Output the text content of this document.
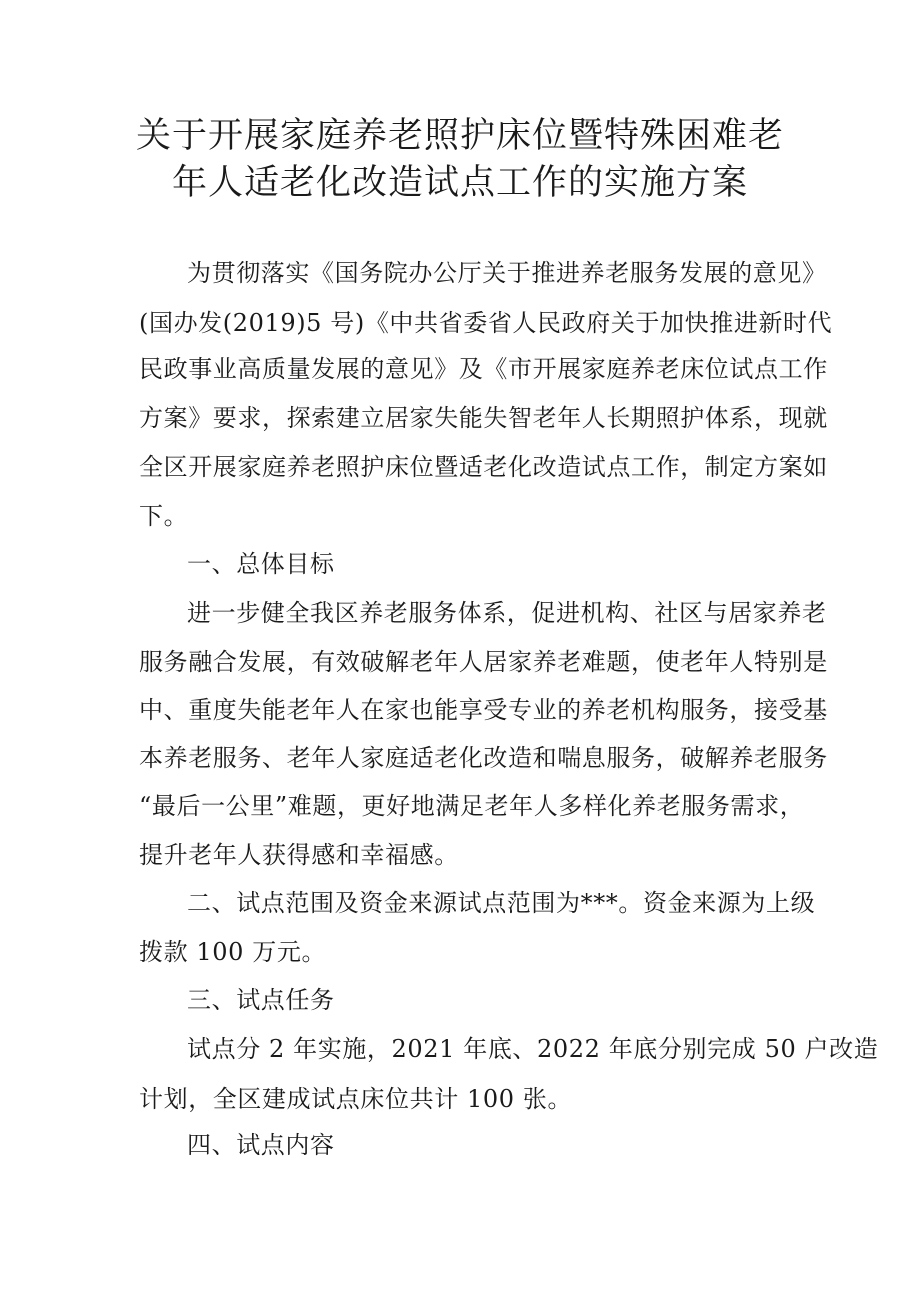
关于开展家庭养老照护床位暨特殊困难老
年人适老化改造试点工作的实施方案
为贯彻落实《国务院办公厅关于推进养老服务发展的意见》
(国办发(2019)5 号)《中共省委省人民政府关于加快推进新时代
民政事业高质量发展的意见》及《市开展家庭养老床位试点工作
方案》要求，探索建立居家失能失智老年人长期照护体系，现就
全区开展家庭养老照护床位暨适老化改造试点工作，制定方案如
下。
一、总体目标
进一步健全我区养老服务体系，促进机构、社区与居家养老
服务融合发展，有效破解老年人居家养老难题，使老年人特别是
中、重度失能老年人在家也能享受专业的养老机构服务，接受基
本养老服务、老年人家庭适老化改造和喘息服务，破解养老服务
“最后一公里”难题，更好地满足老年人多样化养老服务需求，
提升老年人获得感和幸福感。
二、试点范围及资金来源试点范围为***。资金来源为上级
拨款 100 万元。
三、试点任务
试点分 2 年实施，2021 年底、2022 年底分别完成 50 户改造
计划，全区建成试点床位共计 100 张。
四、试点内容
